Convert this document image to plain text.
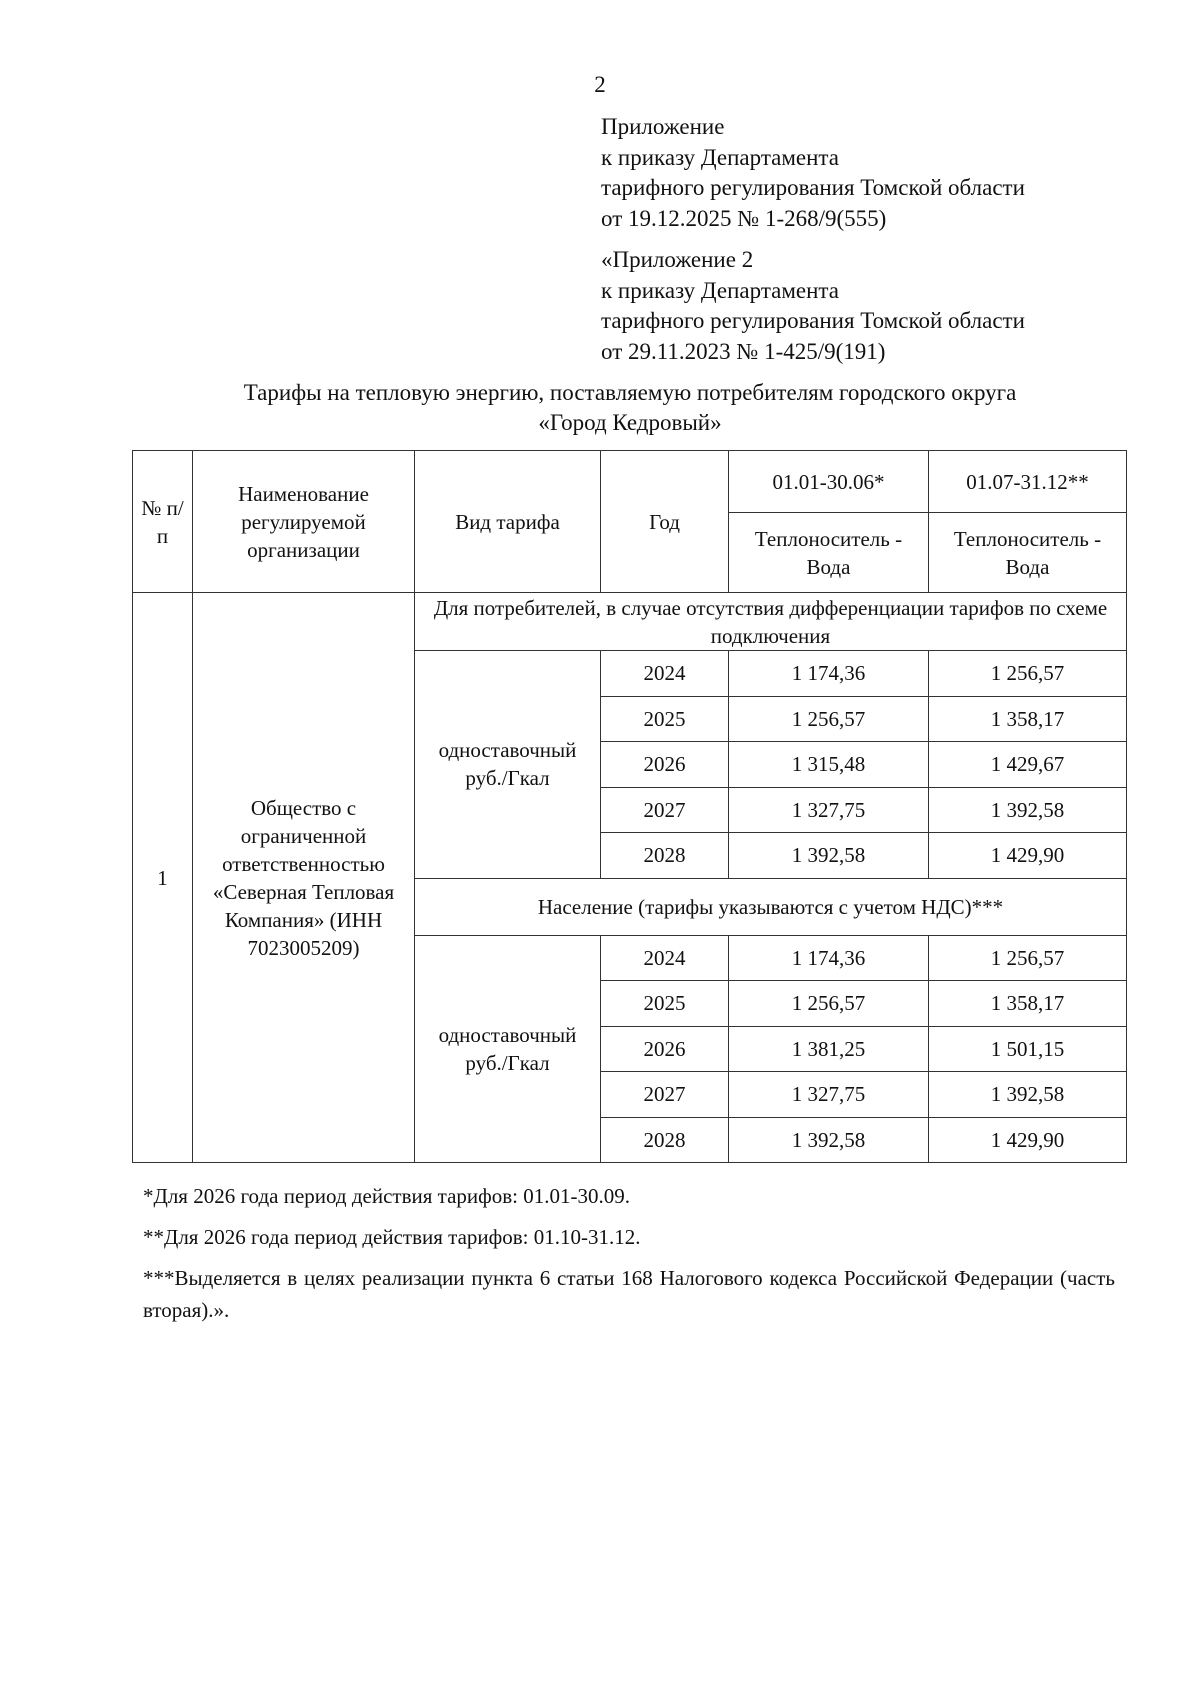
2
Приложение
к приказу Департамента
тарифного регулирования Томской области
от 19.12.2025 № 1-268/9(555)
«Приложение 2
к приказу Департамента
тарифного регулирования Томской области
от 29.11.2023 № 1-425/9(191)
Тарифы на тепловую энергию, поставляемую потребителям городского округа
«Город Кедровый»
№ п/п	Наименование регулируемой организации	Вид тарифа	Год	01.01-30.06*	01.07-31.12**
				Теплоноситель - Вода	Теплоноситель - Вода
1	Общество с ограниченной ответственностью «Северная Тепловая Компания» (ИНН 7023005209)	Для потребителей, в случае отсутствия дифференциации тарифов по схеме подключения			
		одноставочный руб./Гкал	2024	1 174,36	1 256,57
			2025	1 256,57	1 358,17
			2026	1 315,48	1 429,67
			2027	1 327,75	1 392,58
			2028	1 392,58	1 429,90
		Население (тарифы указываются с учетом НДС)***			
		одноставочный руб./Гкал	2024	1 174,36	1 256,57
			2025	1 256,57	1 358,17
			2026	1 381,25	1 501,15
			2027	1 327,75	1 392,58
			2028	1 392,58	1 429,90

*Для 2026 года период действия тарифов: 01.01-30.09.

**Для 2026 года период действия тарифов: 01.10-31.12.

***Выделяется в целях реализации пункта 6 статьи 168 Налогового кодекса Российской Федерации (часть вторая).».
